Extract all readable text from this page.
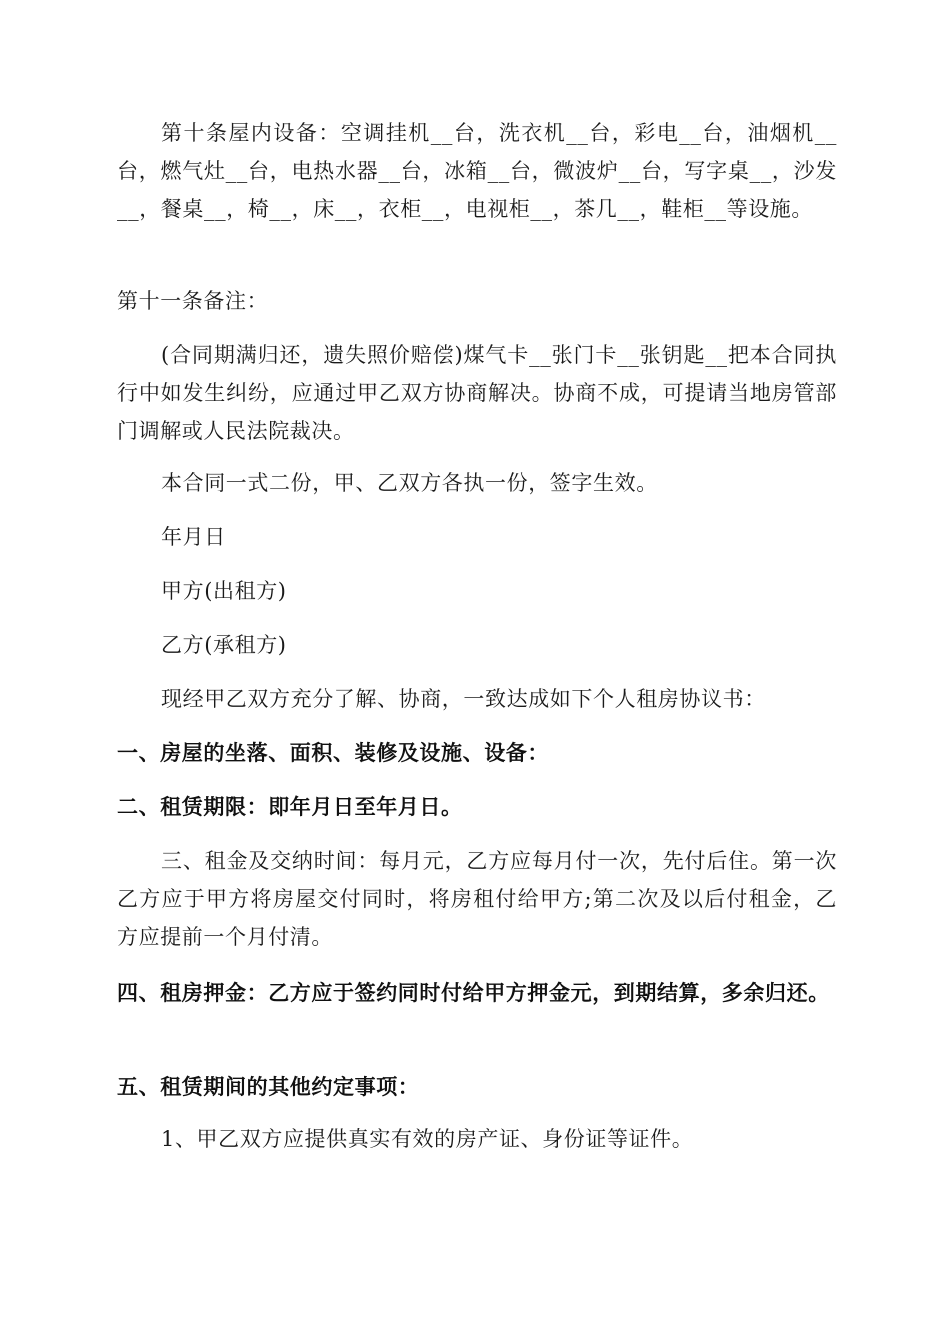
第十条屋内设备：空调挂机__台，洗衣机__台，彩电__台，油烟机__台，燃气灶__台，电热水器__台，冰箱__台，微波炉__台，写字桌__，沙发__，餐桌__，椅__，床__，衣柜__，电视柜__，茶几__，鞋柜__等设施。

第十一条备注：

(合同期满归还，遗失照价赔偿)煤气卡__张门卡__张钥匙__把本合同执行中如发生纠纷，应通过甲乙双方协商解决。协商不成，可提请当地房管部门调解或人民法院裁决。

本合同一式二份，甲、乙双方各执一份，签字生效。

年月日

甲方(出租方)

乙方(承租方)

现经甲乙双方充分了解、协商，一致达成如下个人租房协议书：

一、房屋的坐落、面积、装修及设施、设备：

二、租赁期限：即年月日至年月日。

三、租金及交纳时间：每月元，乙方应每月付一次，先付后住。第一次乙方应于甲方将房屋交付同时，将房租付给甲方;第二次及以后付租金，乙方应提前一个月付清。

四、租房押金：乙方应于签约同时付给甲方押金元，到期结算，多余归还。

五、租赁期间的其他约定事项：

1、甲乙双方应提供真实有效的房产证、身份证等证件。
